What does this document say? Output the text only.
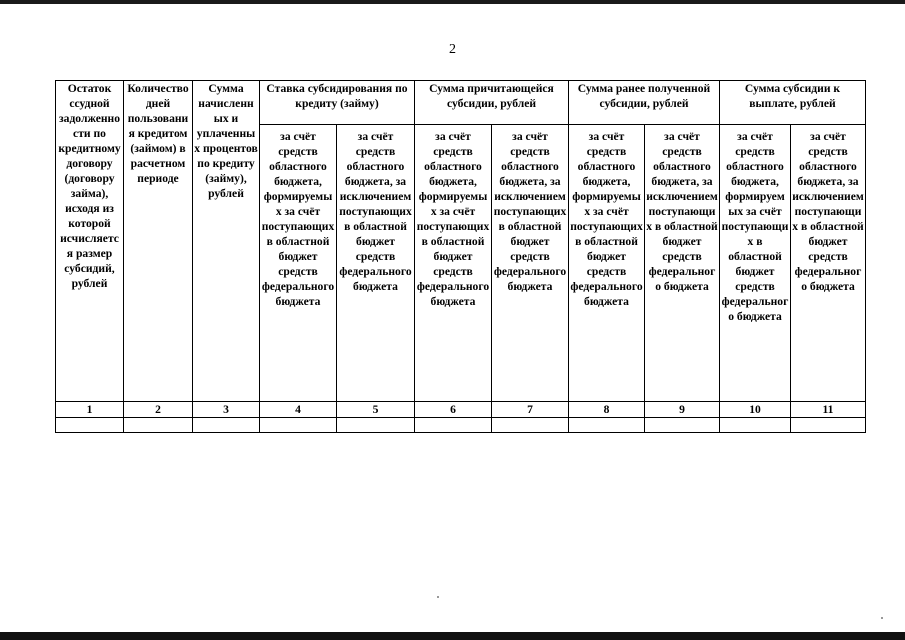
2
Остаток ссудной задолженности по кредитному договору (договору займа), исходя из которой исчисляется размер субсидий, рублей	Количество дней пользования кредитом (займом) в расчетном периоде	Сумма начисленных и уплаченных процентов по кредиту (займу), рублей	Ставка субсидирования по кредиту (займу)		Сумма причитающейся субсидии, рублей		Сумма ранее полученной субсидии, рублей		Сумма субсидии к выплате, рублей	
			за счёт средств областного бюджета, формируемых за счёт поступающих в областной бюджет средств федерального бюджета	за счёт средств областного бюджета, за исключением поступающих в областной бюджет средств федерального бюджета	за счёт средств областного бюджета, формируемых за счёт поступающих в областной бюджет средств федерального бюджета	за счёт средств областного бюджета, за исключением поступающих в областной бюджет средств федерального бюджета	за счёт средств областного бюджета, формируемых за счёт поступающих в областной бюджет средств федерального бюджета	за счёт средств областного бюджета, за исключением поступающих в областной бюджет средств федерального бюджета	за счёт средств областного бюджета, формируемых за счёт поступающих в областной бюджет средств федерального бюджета	за счёт средств областного бюджета, за исключением поступающих в областной бюджет средств федерального бюджета
1	2	3	4	5	6	7	8	9	10	11
